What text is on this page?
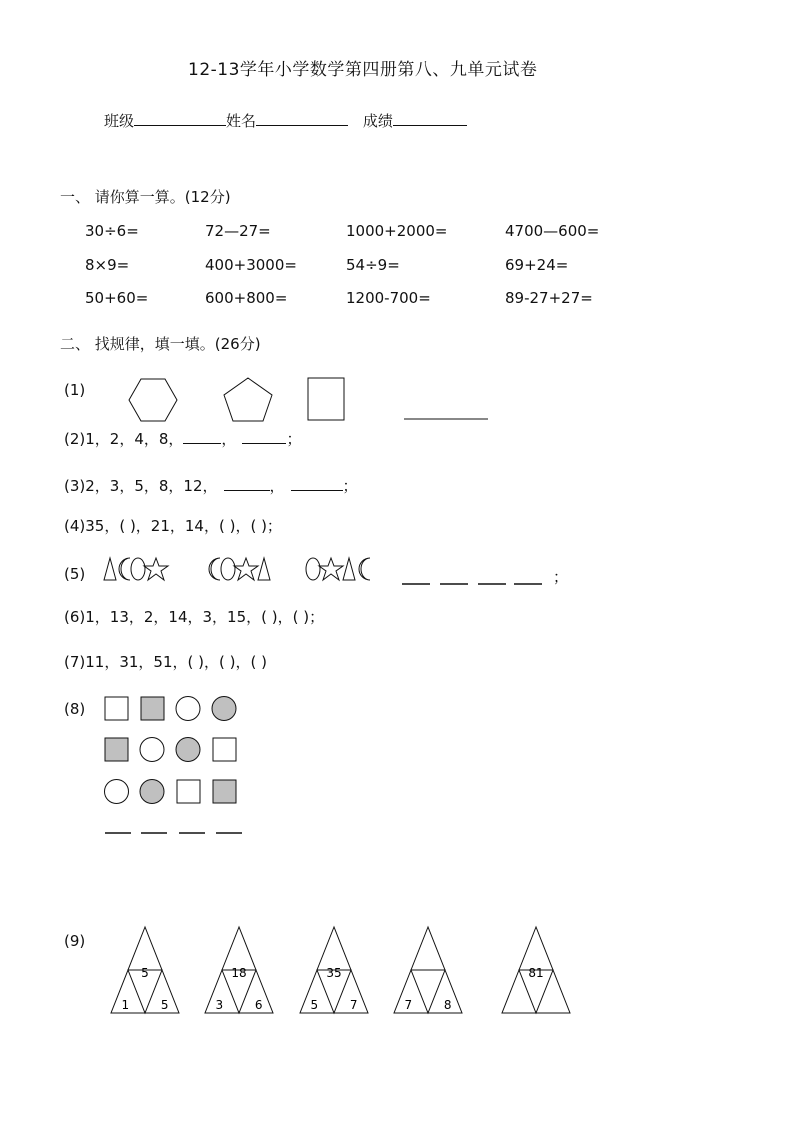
12-13学年小学数学第四册第八、九单元试卷
班级	姓名	成绩
一、 请你算一算。(12分)
30÷6=	72—27=	1000+2000=	4700—600=
8×9=	400+3000=	54÷9=	69+24=
50+60=	600+800=	1200-700=	89-27+27=
二、 找规律，填一填。(26分)
(1)
(2)1，2，4，8，	，	；
(3)2，3，5，8，12，	，	；
(4)35，( )，21，14，( )，( )；
(5)	；
(6)1，13，2，14，3，15，( )，( )；
(7)11，31，51，( )，( )，( )
(8)
(9)
5
1	5
18
3	6
35
5	7	7	8
81
